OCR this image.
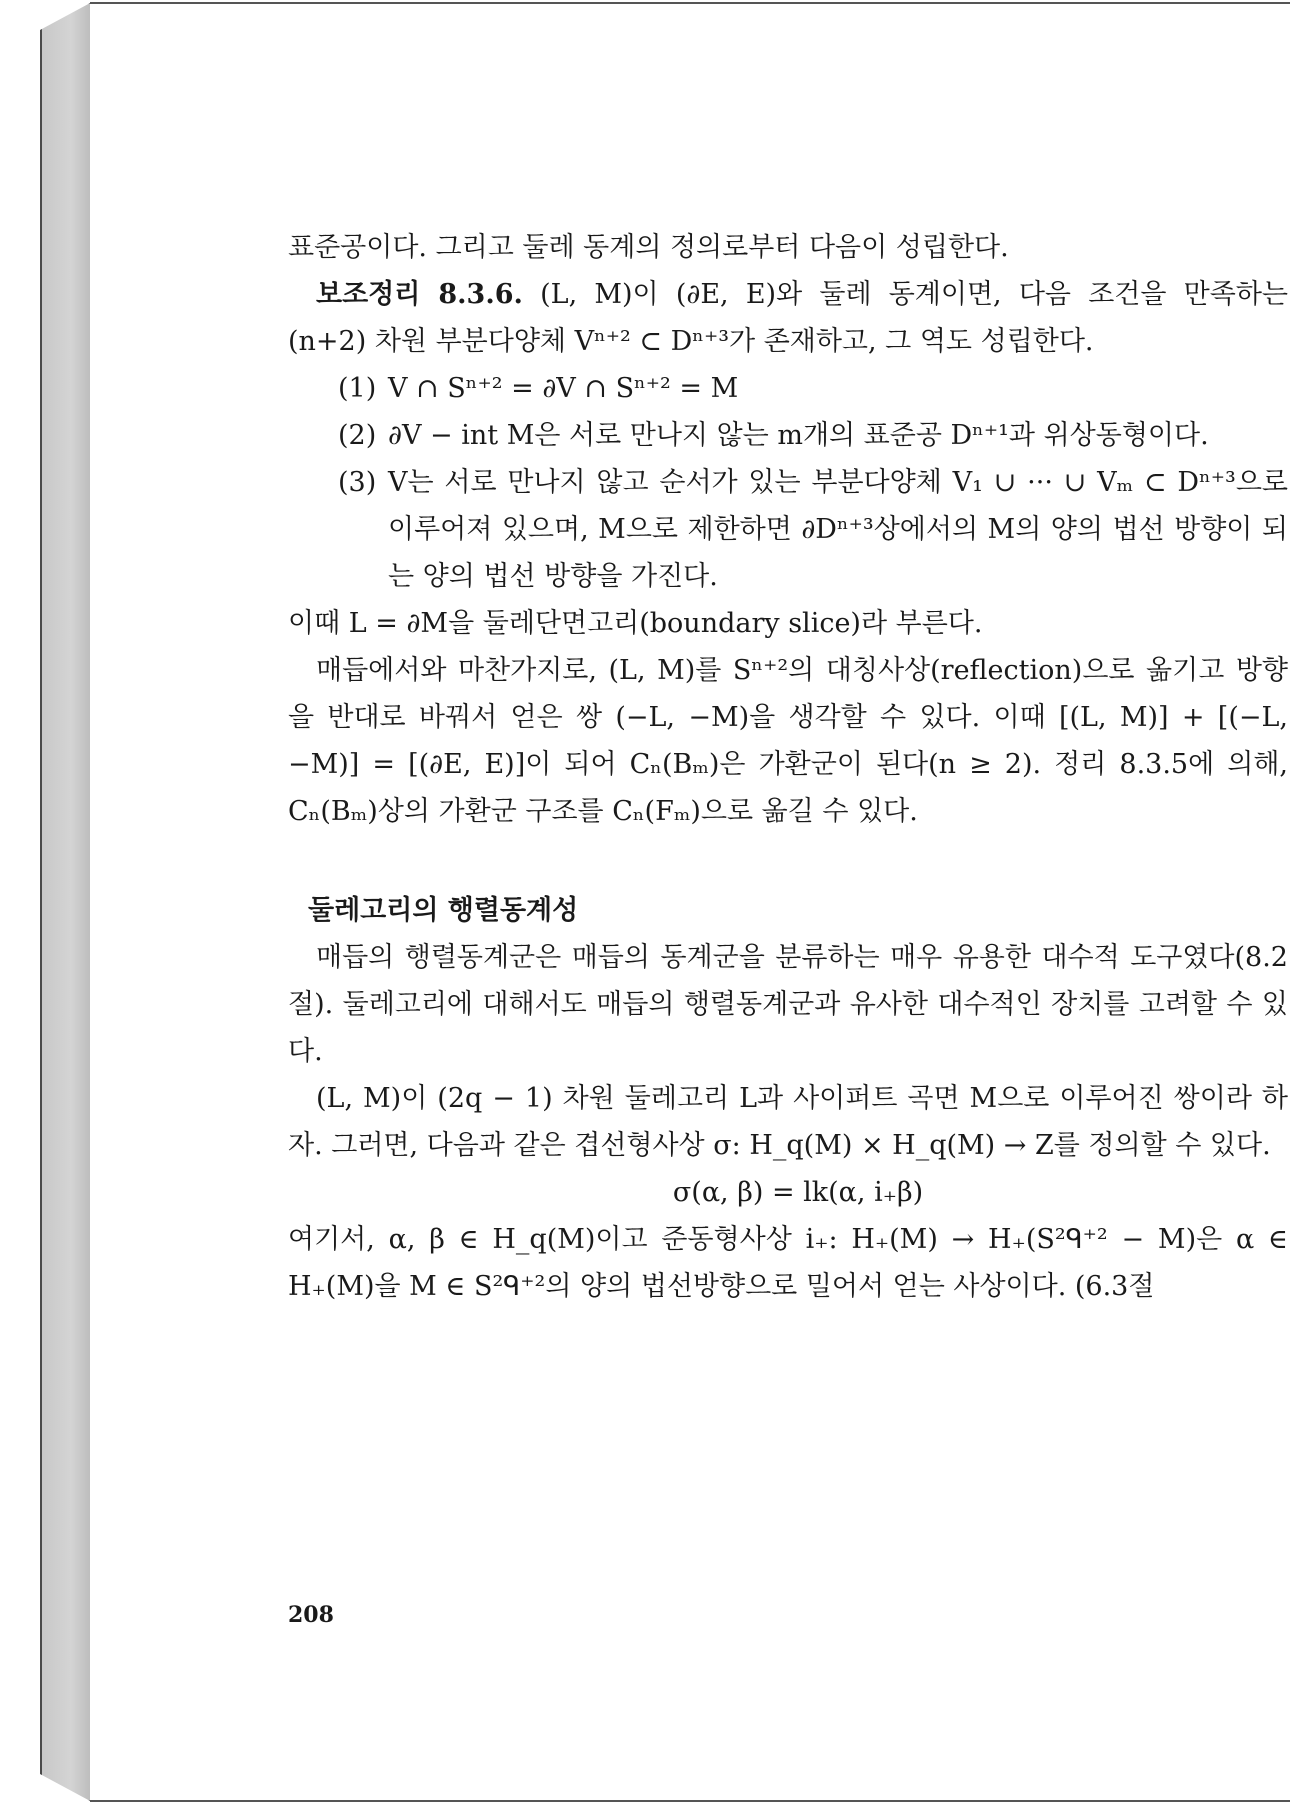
표준공이다. 그리고 둘레 동계의 정의로부터 다음이 성립한다.

보조정리 8.3.6. (L, M)이 (∂E, E)와 둘레 동계이면, 다음 조건을 만족하는 (n+2) 차원 부분다양체 Vⁿ⁺² ⊂ Dⁿ⁺³가 존재하고, 그 역도 성립한다.

(1) V ∩ Sⁿ⁺² = ∂V ∩ Sⁿ⁺² = M
(2) ∂V − int M은 서로 만나지 않는 m개의 표준공 Dⁿ⁺¹과 위상동형이다.
(3) V는 서로 만나지 않고 순서가 있는 부분다양체 V₁ ∪ ··· ∪ Vₘ ⊂ Dⁿ⁺³으로 이루어져 있으며, M으로 제한하면 ∂Dⁿ⁺³상에서의 M의 양의 법선 방향이 되는 양의 법선 방향을 가진다.

이때 L = ∂M을 둘레단면고리(boundary slice)라 부른다.

매듭에서와 마찬가지로, (L, M)를 Sⁿ⁺²의 대칭사상(reflection)으로 옮기고 방향을 반대로 바꿔서 얻은 쌍 (−L, −M)을 생각할 수 있다. 이때 [(L, M)] + [(−L, −M)] = [(∂E, E)]이 되어 Cₙ(Bₘ)은 가환군이 된다(n ≥ 2). 정리 8.3.5에 의해, Cₙ(Bₘ)상의 가환군 구조를 Cₙ(Fₘ)으로 옮길 수 있다.

둘레고리의 행렬동계성

매듭의 행렬동계군은 매듭의 동계군을 분류하는 매우 유용한 대수적 도구였다(8.2절). 둘레고리에 대해서도 매듭의 행렬동계군과 유사한 대수적인 장치를 고려할 수 있다.

(L, M)이 (2q − 1) 차원 둘레고리 L과 사이퍼트 곡면 M으로 이루어진 쌍이라 하자. 그러면, 다음과 같은 겹선형사상 σ: H_q(M) × H_q(M) → Z를 정의할 수 있다.

σ(α, β) = lk(α, i₊β)

여기서, α, β ∈ H_q(M)이고 준동형사상 i₊: H₊(M) → H₊(S²ᑫ⁺² − M)은 α ∈ H₊(M)을 M ∈ S²ᑫ⁺²의 양의 법선방향으로 밀어서 얻는 사상이다. (6.3절

208
